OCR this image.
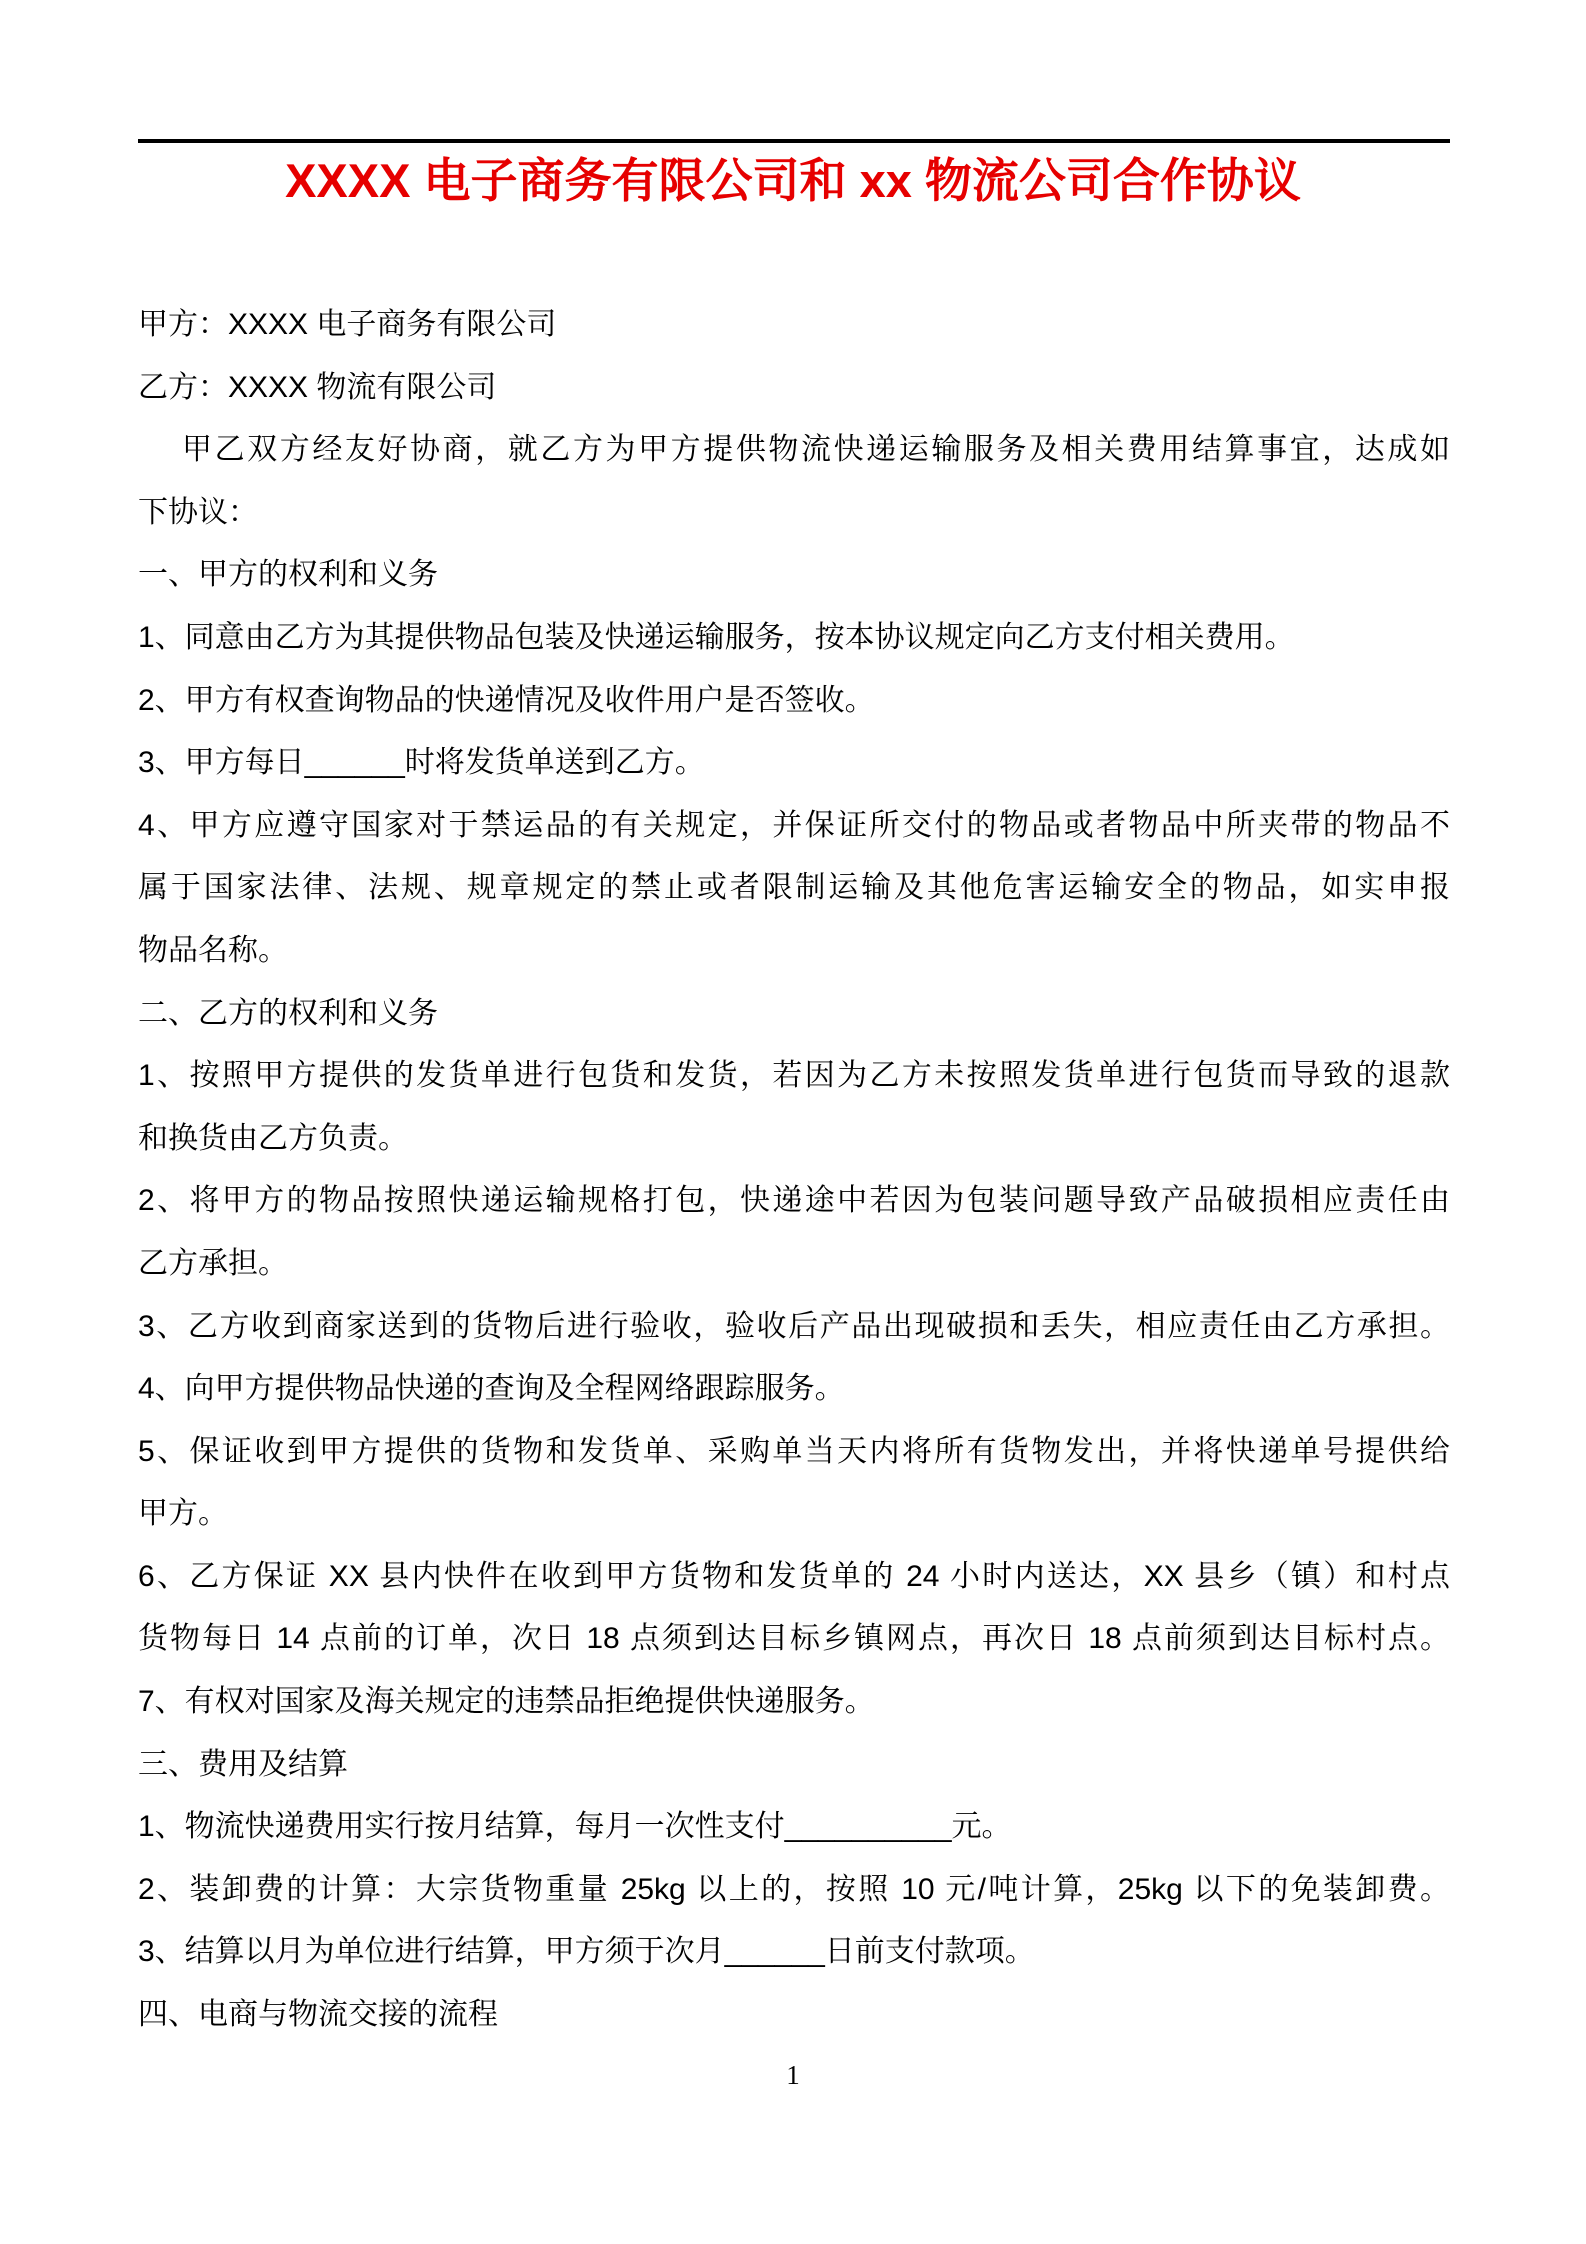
XXXX 电子商务有限公司和 xx 物流公司合作协议
甲方：XXXX 电子商务有限公司
乙方：XXXX 物流有限公司
甲乙双方经友好协商，就乙方为甲方提供物流快递运输服务及相关费用结算事宜，达成如
下协议：
一、甲方的权利和义务
1、同意由乙方为其提供物品包装及快递运输服务，按本协议规定向乙方支付相关费用。
2、甲方有权查询物品的快递情况及收件用户是否签收。
3、甲方每日______时将发货单送到乙方。
4、甲方应遵守国家对于禁运品的有关规定，并保证所交付的物品或者物品中所夹带的物品不
属于国家法律、法规、规章规定的禁止或者限制运输及其他危害运输安全的物品，如实申报
物品名称。
二、乙方的权利和义务
1、按照甲方提供的发货单进行包货和发货，若因为乙方未按照发货单进行包货而导致的退款
和换货由乙方负责。
2、将甲方的物品按照快递运输规格打包，快递途中若因为包装问题导致产品破损相应责任由
乙方承担。
3、乙方收到商家送到的货物后进行验收，验收后产品出现破损和丢失，相应责任由乙方承担。
4、向甲方提供物品快递的查询及全程网络跟踪服务。
5、保证收到甲方提供的货物和发货单、采购单当天内将所有货物发出，并将快递单号提供给
甲方。
6、乙方保证 XX 县内快件在收到甲方货物和发货单的 24 小时内送达，XX 县乡（镇）和村点
货物每日 14 点前的订单，次日 18 点须到达目标乡镇网点，再次日 18 点前须到达目标村点。
7、有权对国家及海关规定的违禁品拒绝提供快递服务。
三、费用及结算
1、物流快递费用实行按月结算，每月一次性支付__________元。
2、装卸费的计算：大宗货物重量 25kg 以上的，按照 10 元/吨计算，25kg 以下的免装卸费。
3、结算以月为单位进行结算，甲方须于次月______日前支付款项。
四、电商与物流交接的流程
1
